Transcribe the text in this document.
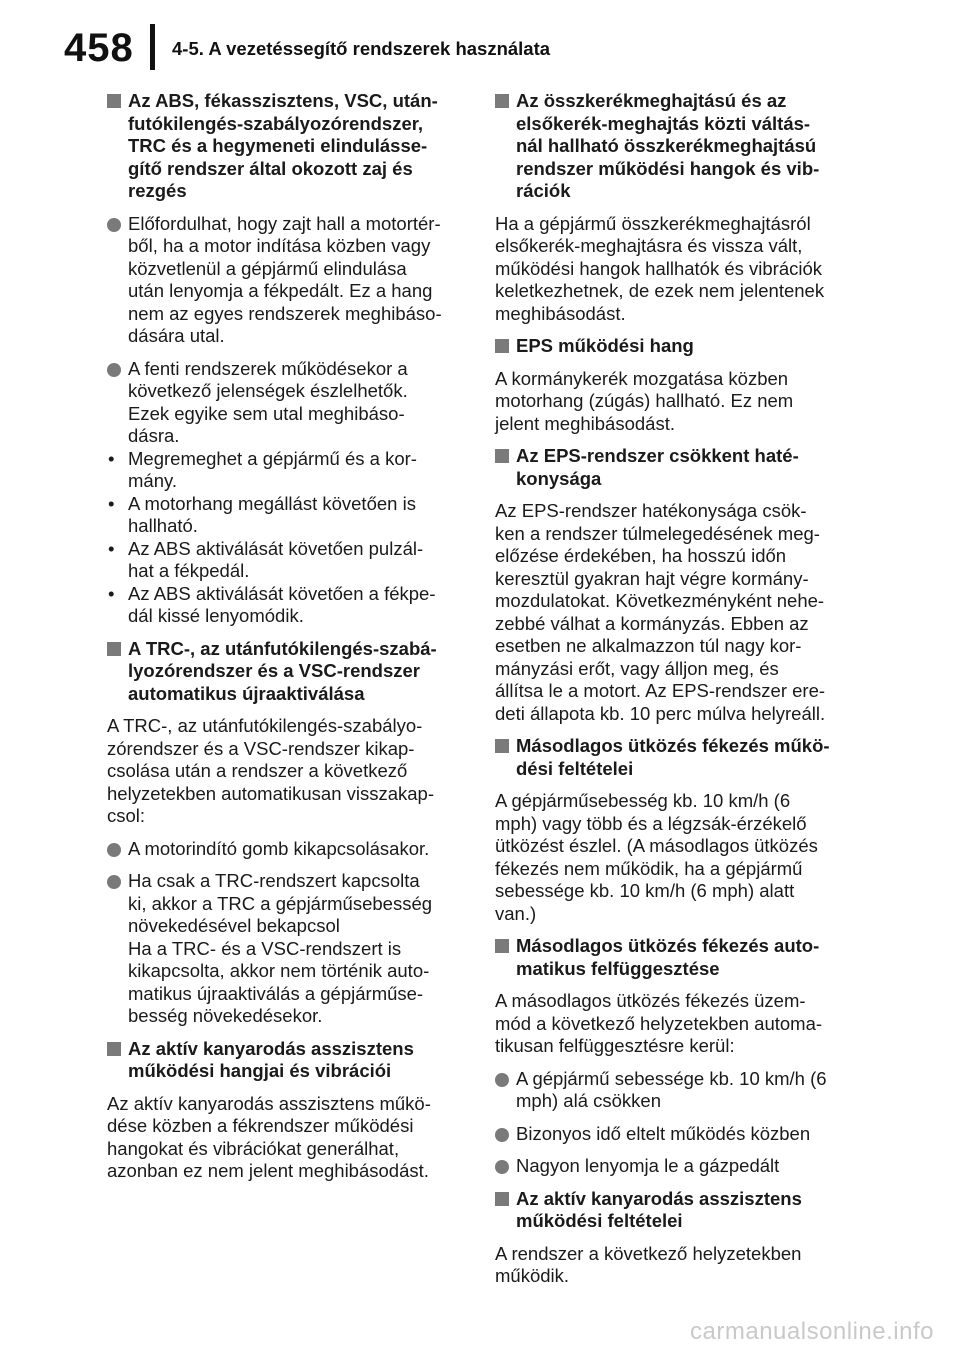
458 4-5. A vezetéssegítő rendszerek használata
Az ABS, fékasszisztens, VSC, után-
futókilengés-szabályozórendszer,
TRC és a hegymeneti elindulásse-
gítő rendszer által okozott zaj és
rezgés
Előfordulhat, hogy zajt hall a motortér-
ből, ha a motor indítása közben vagy
közvetlenül a gépjármű elindulása
után lenyomja a fékpedált. Ez a hang
nem az egyes rendszerek meghibáso-
dására utal.
A fenti rendszerek működésekor a
következő jelenségek észlelhetők.
Ezek egyike sem utal meghibáso-
dásra.
• Megremeghet a gépjármű és a kor-
mány.
• A motorhang megállást követően is
hallható.
• Az ABS aktiválását követően pulzál-
hat a fékpedál.
• Az ABS aktiválását követően a fékpe-
dál kissé lenyomódik.
A TRC-, az utánfutókilengés-szabá-
lyozórendszer és a VSC-rendszer
automatikus újraaktiválása
A TRC-, az utánfutókilengés-szabályo-
zórendszer és a VSC-rendszer kikap-
csolása után a rendszer a következő
helyzetekben automatikusan visszakap-
csol:
A motorindító gomb kikapcsolásakor.
Ha csak a TRC-rendszert kapcsolta
ki, akkor a TRC a gépjárműsebesség
növekedésével bekapcsol
Ha a TRC- és a VSC-rendszert is
kikapcsolta, akkor nem történik auto-
matikus újraaktiválás a gépjárműse-
besség növekedésekor.
Az aktív kanyarodás asszisztens
működési hangjai és vibrációi
Az aktív kanyarodás asszisztens műkö-
dése közben a fékrendszer működési
hangokat és vibrációkat generálhat,
azonban ez nem jelent meghibásodást.
Az összkerékmeghajtású és az
elsőkerék-meghajtás közti váltás-
nál hallható összkerékmeghajtású
rendszer működési hangok és vib-
rációk
Ha a gépjármű összkerékmeghajtásról
elsőkerék-meghajtásra és vissza vált,
működési hangok hallhatók és vibrációk
keletkezhetnek, de ezek nem jelentenek
meghibásodást.
EPS működési hang
A kormánykerék mozgatása közben
motorhang (zúgás) hallható. Ez nem
jelent meghibásodást.
Az EPS-rendszer csökkent haté-
konysága
Az EPS-rendszer hatékonysága csök-
ken a rendszer túlmelegedésének meg-
előzése érdekében, ha hosszú időn
keresztül gyakran hajt végre kormány-
mozdulatokat. Következményként nehe-
zebbé válhat a kormányzás. Ebben az
esetben ne alkalmazzon túl nagy kor-
mányzási erőt, vagy álljon meg, és
állítsa le a motort. Az EPS-rendszer ere-
deti állapota kb. 10 perc múlva helyreáll.
Másodlagos ütközés fékezés műkö-
dési feltételei
A gépjárműsebesség kb. 10 km/h (6
mph) vagy több és a légzsák-érzékelő
ütközést észlel. (A másodlagos ütközés
fékezés nem működik, ha a gépjármű
sebessége kb. 10 km/h (6 mph) alatt
van.)
Másodlagos ütközés fékezés auto-
matikus felfüggesztése
A másodlagos ütközés fékezés üzem-
mód a következő helyzetekben automa-
tikusan felfüggesztésre kerül:
A gépjármű sebessége kb. 10 km/h (6
mph) alá csökken
Bizonyos idő eltelt működés közben
Nagyon lenyomja le a gázpedált
Az aktív kanyarodás asszisztens
működési feltételei
A rendszer a következő helyzetekben
működik.
carmanualsonline.info
